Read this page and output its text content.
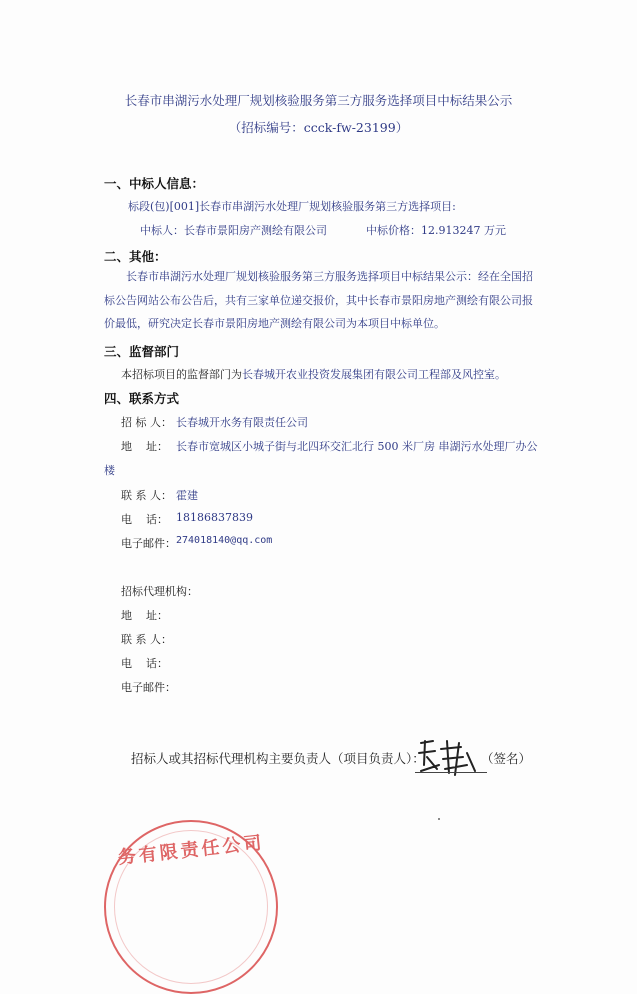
长春市串湖污水处理厂规划核验服务第三方服务选择项目中标结果公示
（招标编号：ccck-fw-23199）
一、中标人信息：
标段(包)[001]长春市串湖污水处理厂规划核验服务第三方选择项目:
中标人：长春市景阳房产测绘有限公司	中标价格：12.913247 万元
二、其他：
长春市串湖污水处理厂规划核验服务第三方服务选择项目中标结果公示：经在全国招标公告网站公布公告后，共有三家单位递交报价，其中长春市景阳房地产测绘有限公司报价最低，研究决定长春市景阳房地产测绘有限公司为本项目中标单位。
三、监督部门
本招标项目的监督部门为长春城开农业投资发展集团有限公司工程部及风控室。
四、联系方式
招 标 人： 长春城开水务有限责任公司
地    址： 长春市宽城区小城子街与北四环交汇北行 500 米厂房 串湖污水处理厂办公
楼
联 系 人： 霍建
电    话： 18186837839
电子邮件： 274018140@qq.com
招标代理机构：
地    址：
联 系 人：
电    话：
电子邮件：
招标人或其招标代理机构主要负责人（项目负责人）：	（签名）
务有限责任公司
